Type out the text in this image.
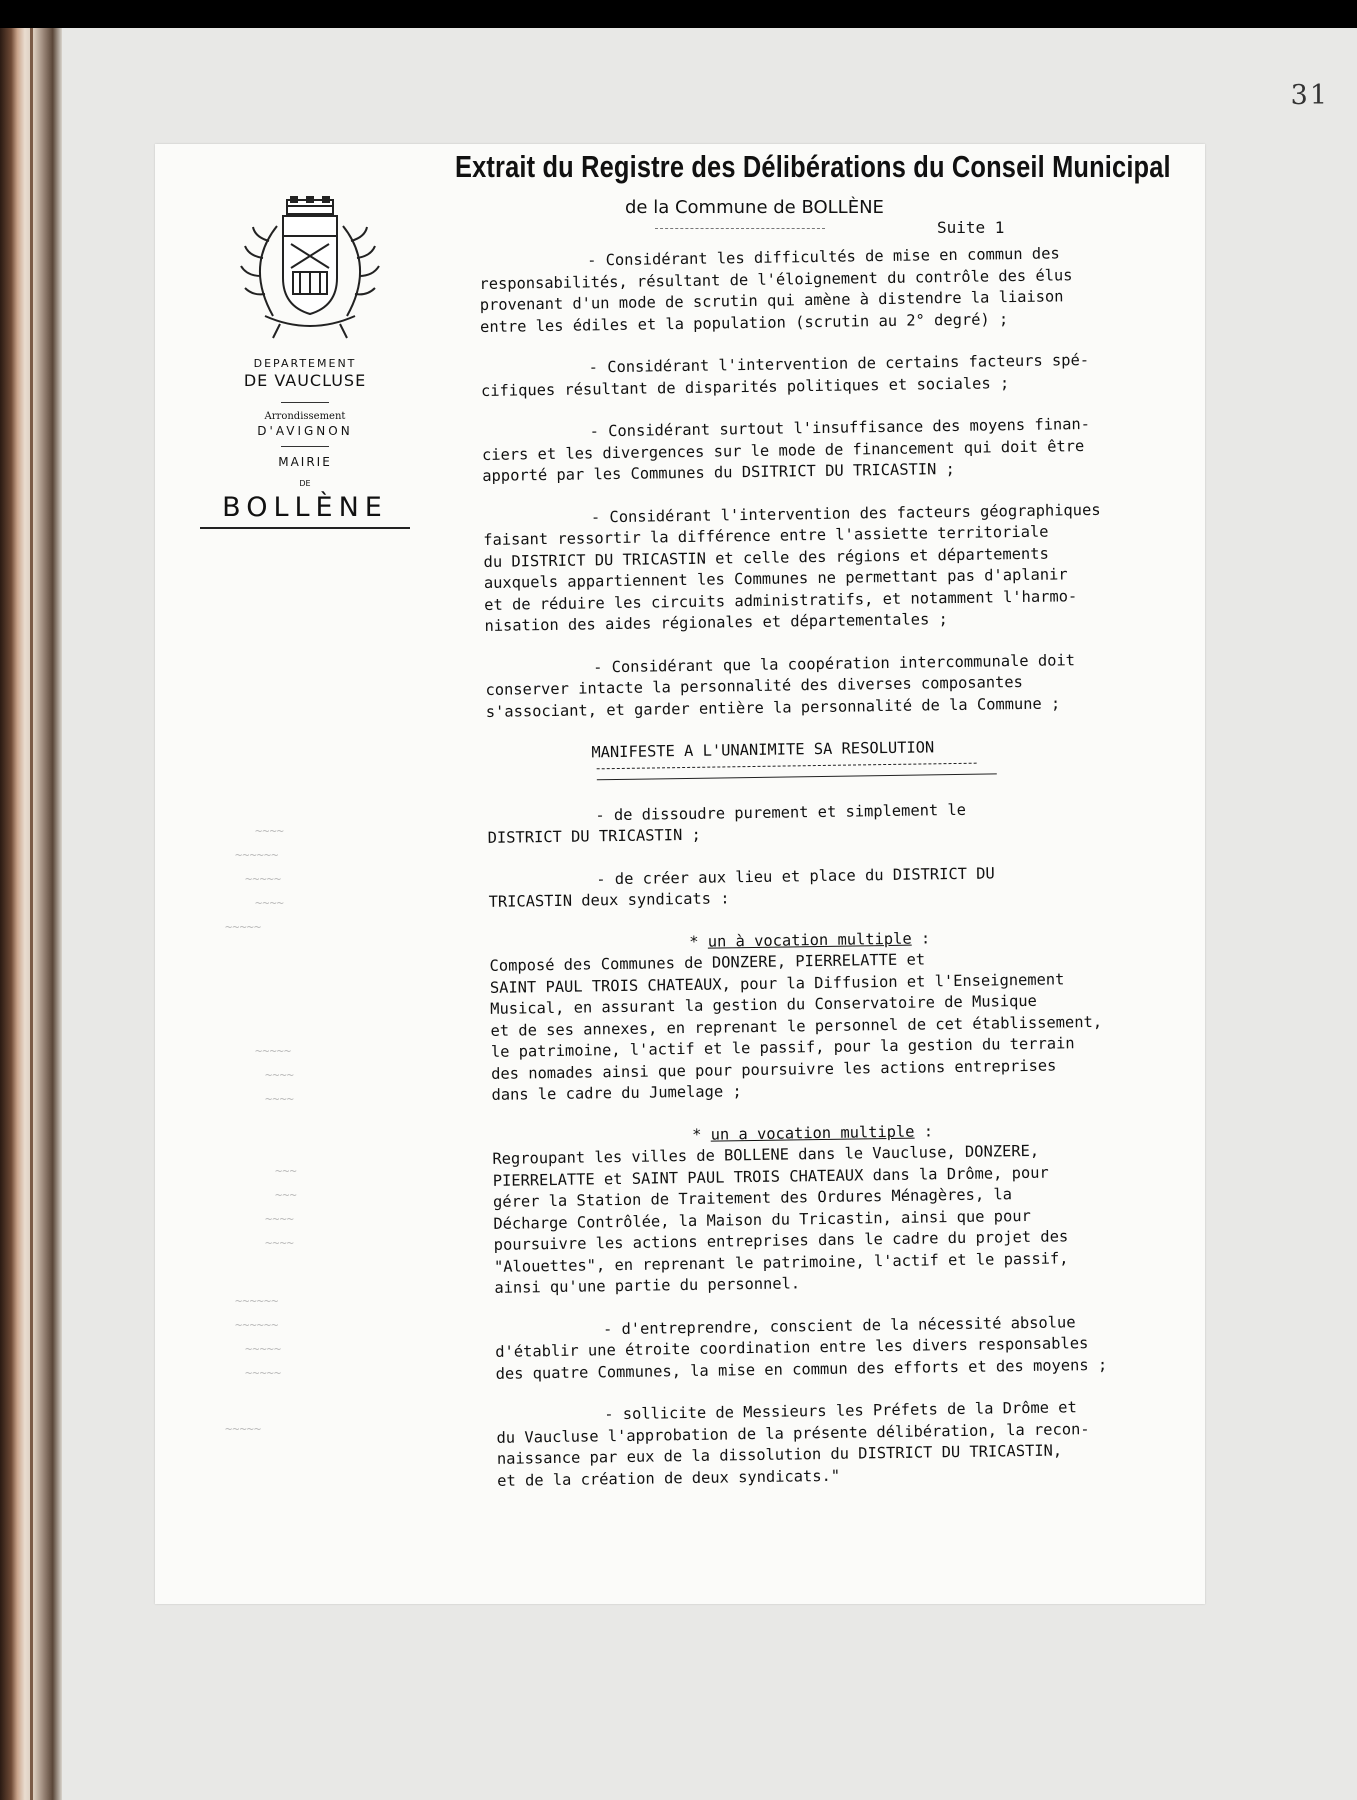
31
DEPARTEMENT
DE VAUCLUSE
Arrondissement
D'AVIGNON
MAIRIE
DE
BOLLÈNE
~~~~
~~~~~~
~~~~~
~~~~
~~~~~
~~~~~
~~~~
~~~~
~~~
~~~
~~~~
~~~~
~~~~~~
~~~~~~
~~~~~
~~~~~
~~~~~
Extrait du Registre des Délibérations du Conseil Municipal
de la Commune de BOLLÈNE
Suite 1
- Considérant les difficultés de mise en commun des
responsabilités, résultant de l'éloignement du contrôle des élus
provenant d'un mode de scrutin qui amène à distendre la liaison
entre les édiles et la population (scrutin au 2° degré) ;
- Considérant l'intervention de certains facteurs spé-
cifiques résultant de disparités politiques et sociales ;
- Considérant surtout l'insuffisance des moyens finan-
ciers et les divergences sur le mode de financement qui doit être
apporté par les Communes du DSITRICT DU TRICASTIN ;
- Considérant l'intervention des facteurs géographiques
faisant ressortir la différence entre l'assiette territoriale
du DISTRICT DU TRICASTIN et celle des régions et départements
auxquels appartiennent les Communes ne permettant pas d'aplanir
et de réduire les circuits administratifs, et notamment l'harmo-
nisation des aides régionales et départementales ;
- Considérant que la coopération intercommunale doit
conserver intacte la personnalité des diverses composantes
s'associant, et garder entière la personnalité de la Commune ;
MANIFESTE A L'UNANIMITE SA RESOLUTION
- de dissoudre purement et simplement le
DISTRICT DU TRICASTIN ;
- de créer aux lieu et place du DISTRICT DU
TRICASTIN deux syndicats :
* un à vocation multiple :
Composé des Communes de DONZERE, PIERRELATTE et
SAINT PAUL TROIS CHATEAUX, pour la Diffusion et l'Enseignement
Musical, en assurant la gestion du Conservatoire de Musique
et de ses annexes, en reprenant le personnel de cet établissement,
le patrimoine, l'actif et le passif, pour la gestion du terrain
des nomades ainsi que pour poursuivre les actions entreprises
dans le cadre du Jumelage ;
* un a vocation multiple :
Regroupant les villes de BOLLENE dans le Vaucluse, DONZERE,
PIERRELATTE et SAINT PAUL TROIS CHATEAUX dans la Drôme, pour
gérer la Station de Traitement des Ordures Ménagères, la
Décharge Contrôlée, la Maison du Tricastin, ainsi que pour
poursuivre les actions entreprises dans le cadre du projet des
"Alouettes", en reprenant le patrimoine, l'actif et le passif,
ainsi qu'une partie du personnel.
- d'entreprendre, conscient de la nécessité absolue
d'établir une étroite coordination entre les divers responsables
des quatre Communes, la mise en commun des efforts et des moyens ;
- sollicite de Messieurs les Préfets de la Drôme et
du Vaucluse l'approbation de la présente délibération, la recon-
naissance par eux de la dissolution du DISTRICT DU TRICASTIN,
et de la création de deux syndicats."
